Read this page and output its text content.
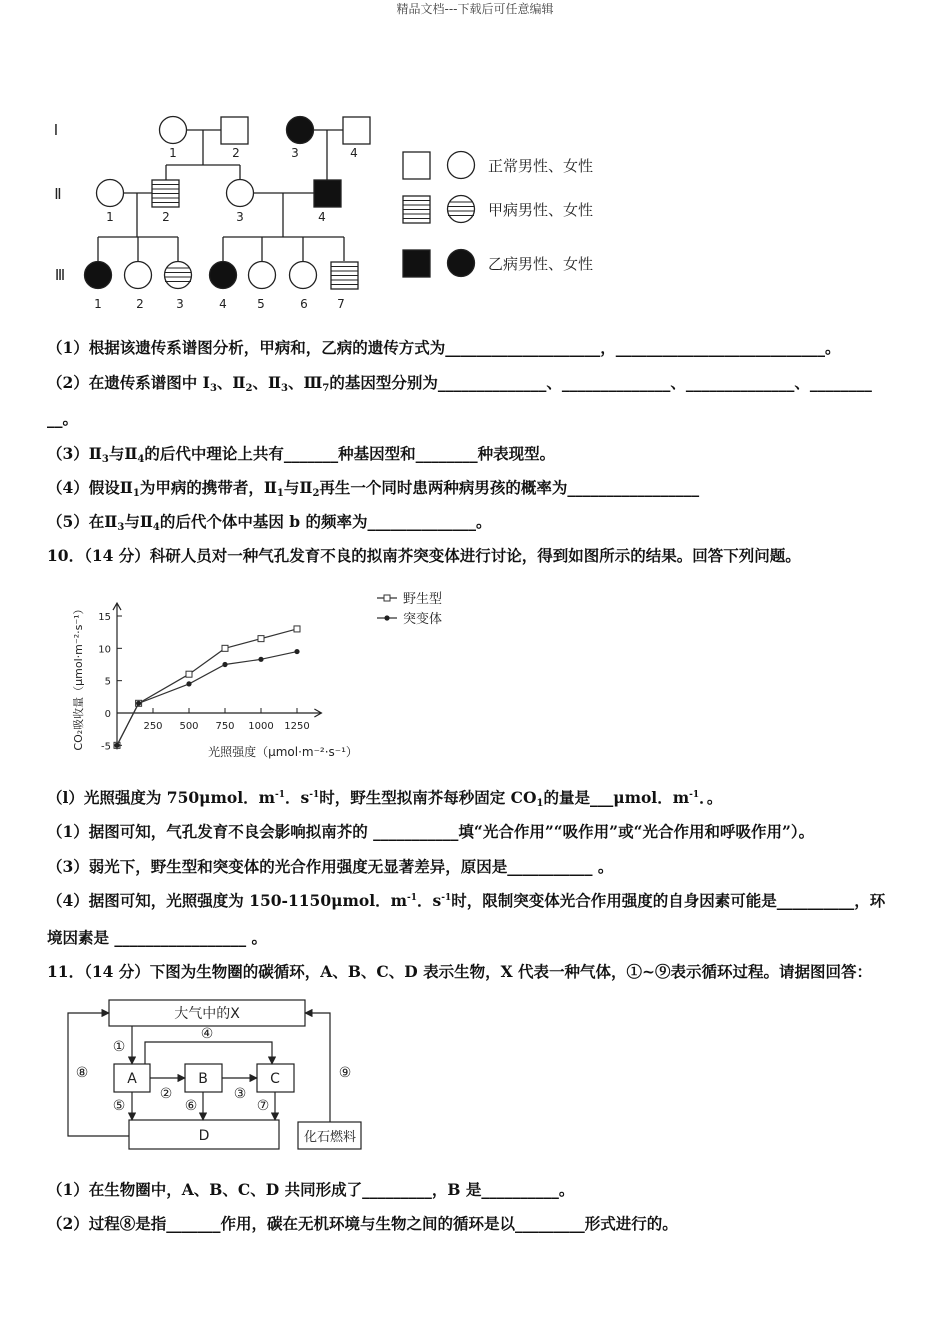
精品文档---下载后可任意编辑
Ⅰ
Ⅱ
Ⅲ
1	2	3	4
1	2	3	4
1	2	3	4	5	6 7
正常男性、女性
甲病男性、女性
乙病男性、女性
（1）根据该遗传系谱图分析，甲病和，乙病的遗传方式为____________________，___________________________。
（2）在遗传系谱图中 $I_3$、$Ⅱ_2$、$Ⅱ_3$、$Ⅲ_7$的基因型分别为______________、______________、______________、________
__。
$(3)Ⅱ_3$与$Ⅱ_4$的后代中理论上共有_______种基因型和________种表现型。
（4）假设$Ⅱ_1$为甲病的携带者，$Ⅱ_1$与$Ⅱ_2$再生一个同时患两种病男孩的概率为_________________
（5）在$Ⅱ_3$与$Ⅱ_4$的后代个体中基因 b 的频率为______________。
10．（14 分）科研人员对一种气孔发育不良的拟南芥突变体进行讨论，得到如图所示的结果。回答下列问题。
15
10
5
0
-5
250 500 750 1000 1250
CO₂吸收量（μmol·m⁻²·s⁻¹）
光照强度（μmol·m⁻²·s⁻¹）
野生型
突变体
（l）光照强度为 750μmol．$m^{-1}$．$s^{-1}$时，野生型拟南芥每秒固定 $CO_1$的量是___μmol．$m^{-1}$．。
（1）据图可知，气孔发育不良会影响拟南芥的 ___________填“光合作用”“吸作用”或“光合作用和呼吸作用”）。
（3）弱光下，野生型和突变体的光合作用强度无显著差异，原因是___________ 。
（4）据图可知，光照强度为 150-1150μmol．$m^{-1}$．$s^{-1}$时，限制突变体光合作用强度的自身因素可能是__________，环
境因素是 _________________ 。
11．（14 分）下图为生物圈的碳循环，A、B、C、D 表示生物，X 代表一种气体，①~⑨表示循环过程。请据图回答：
大气中的X
A	B	C
D	化石燃料
①
②	③
④
⑤	⑥	⑦
⑧	⑨
（1）在生物圈中，A、B、C、D 共同形成了_________，B 是__________。
（2）过程⑧是指_______作用，碳在无机环境与生物之间的循环是以_________形式进行的。
